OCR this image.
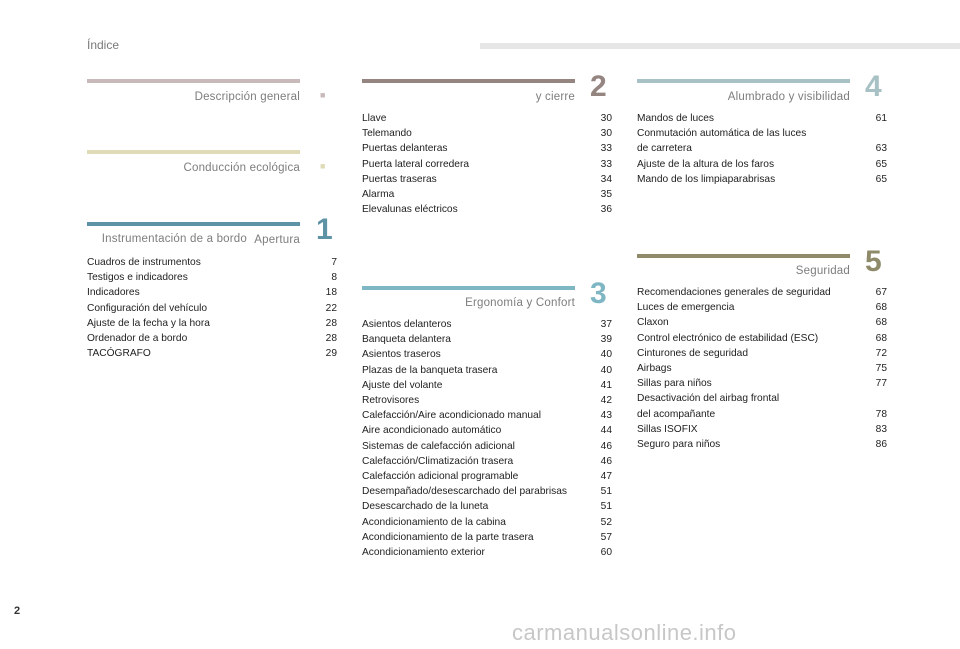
Índice
Descripción general ■
Conducción ecológica ■
Instrumentación de a bordo 1
Cuadros de instrumentos	7
Testigos e indicadores	8
Indicadores	18
Configuración del vehículo	22
Ajuste de la fecha y la hora	28
Ordenador de a bordo	28
TACÓGRAFO	29
Apertura
y cierre 2
Llave	30
Telemando	30
Puertas delanteras	33
Puerta lateral corredera	33
Puertas traseras	34
Alarma	35
Elevalunas eléctricos	36
Ergonomía y Confort 3
Asientos delanteros	37
Banqueta delantera	39
Asientos traseros	40
Plazas de la banqueta trasera	40
Ajuste del volante	41
Retrovisores	42
Calefacción/Aire acondicionado manual	43
Aire acondicionado automático	44
Sistemas de calefacción adicional	46
Calefacción/Climatización trasera	46
Calefacción adicional programable	47
Desempañado/desescarchado del parabrisas	51
Desescarchado de la luneta	51
Acondicionamiento de la cabina	52
Acondicionamiento de la parte trasera	57
Acondicionamiento exterior	60
Alumbrado y visibilidad 4
Mandos de luces	61
Conmutación automática de las luces
de carretera	63
Ajuste de la altura de los faros	65
Mando de los limpiaparabrisas	65
Seguridad 5
Recomendaciones generales de seguridad	67
Luces de emergencia	68
Claxon	68
Control electrónico de estabilidad (ESC)	68
Cinturones de seguridad	72
Airbags	75
Sillas para niños	77
Desactivación del airbag frontal
del acompañante	78
Sillas ISOFIX	83
Seguro para niños	86
2
carmanualsonline.info
